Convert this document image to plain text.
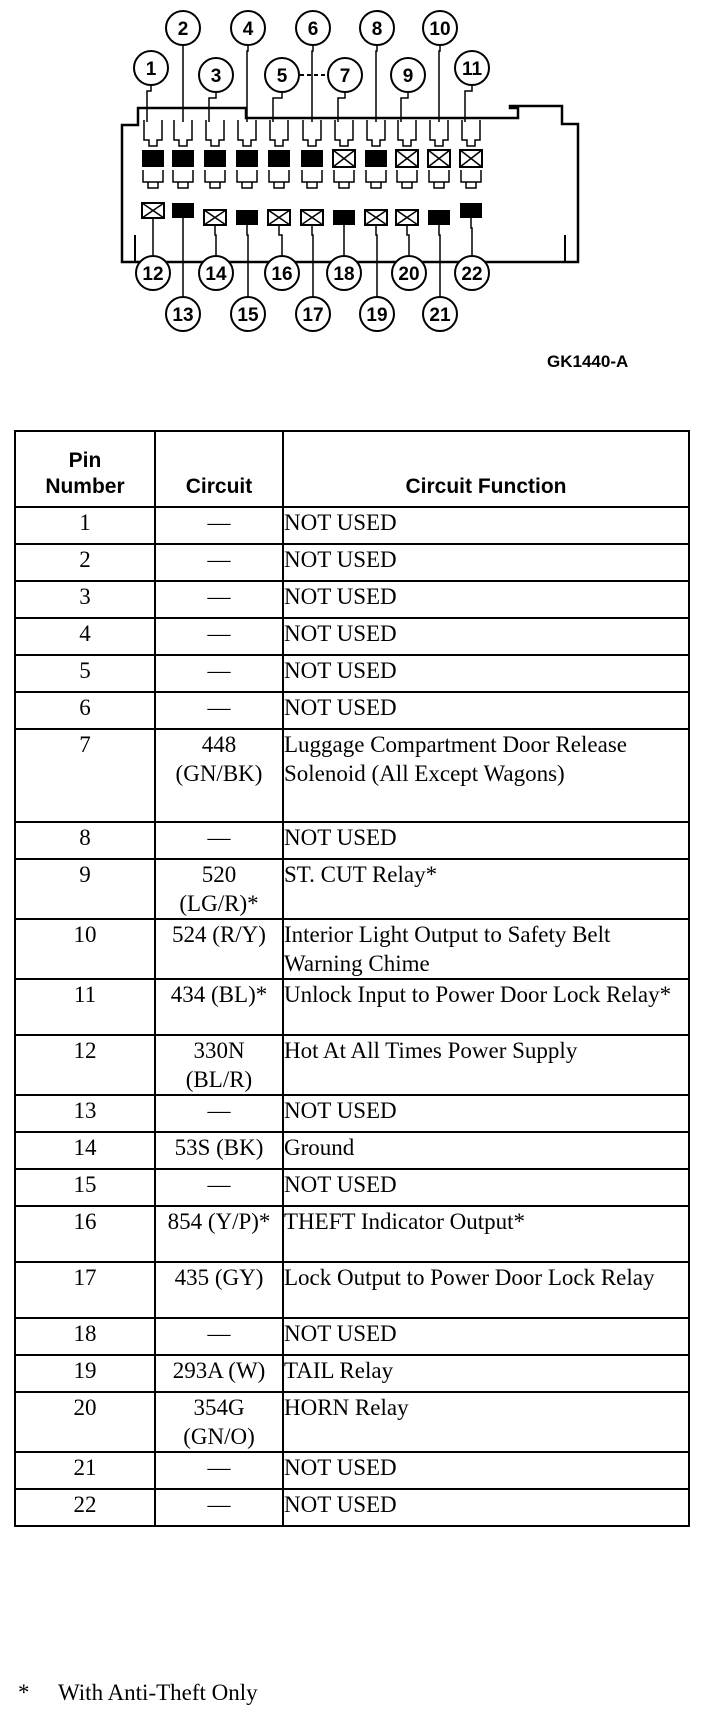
1
2
3
4
5
6
7
8
9
10
11
12
13
14
15
16
17
18
19
20
21
22
GK1440-A
Pin
Number	Circuit	Circuit Function
1	—	NOT USED
2	—	NOT USED
3	—	NOT USED
4	—	NOT USED
5	—	NOT USED
6	—	NOT USED
7	448 (GN/BK)	Luggage Compartment Door Release Solenoid (All Except Wagons)
8	—	NOT USED
9	520 (LG/R)*	ST. CUT Relay*
10	524 (R/Y)	Interior Light Output to Safety Belt Warning Chime
11	434 (BL)*	Unlock Input to Power Door Lock Relay*
12	330N (BL/R)	Hot At All Times Power Supply
13	—	NOT USED
14	53S (BK)	Ground
15	—	NOT USED
16	854 (Y/P)*	THEFT Indicator Output*
17	435 (GY)	Lock Output to Power Door Lock Relay
18	—	NOT USED
19	293A (W)	TAIL Relay
20	354G (GN/O)	HORN Relay
21	—	NOT USED
22	—	NOT USED
* With Anti-Theft Only
